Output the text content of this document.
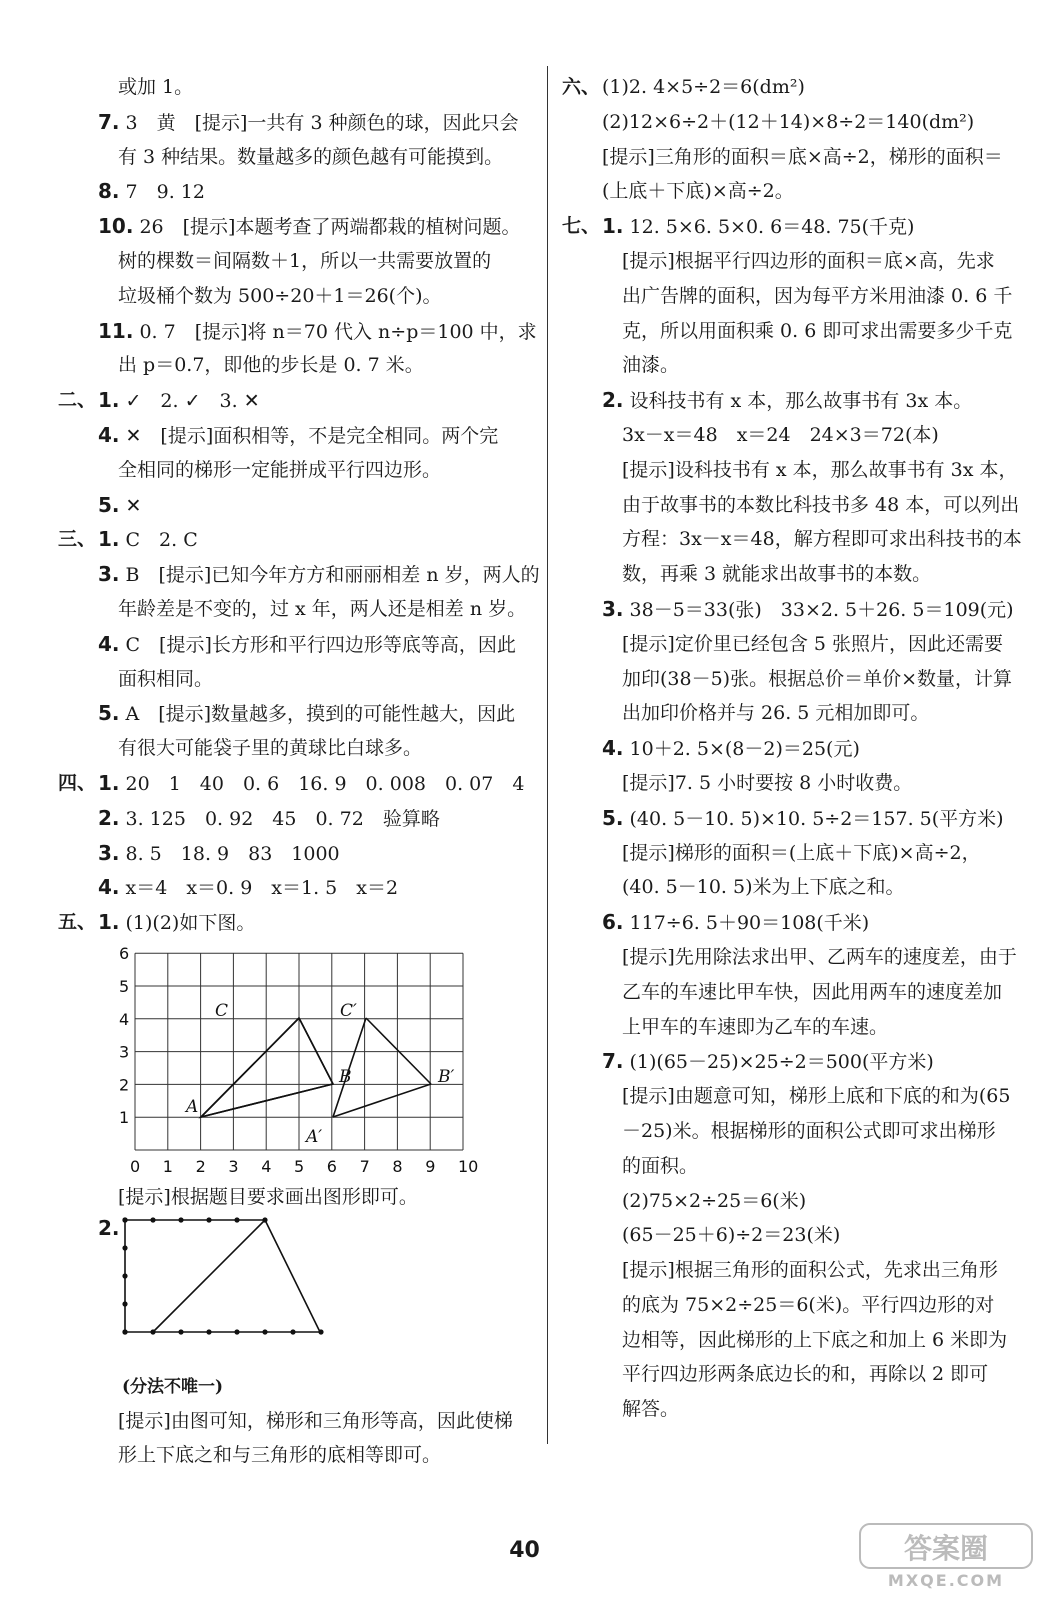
或加 1。
7. 3　黄　[提示]一共有 3 种颜色的球，因此只会
有 3 种结果。数量越多的颜色越有可能摸到。
8. 7　9. 12
10. 26　[提示]本题考查了两端都栽的植树问题。
树的棵数＝间隔数＋1，所以一共需要放置的
垃圾桶个数为 500÷20＋1＝26(个)。
11. 0. 7　[提示]将 n＝70 代入 n÷p＝100 中，求
出 p＝0.7，即他的步长是 0. 7 米。
二、 1. ✓　2. ✓　3. ✕
4. ✕　[提示]面积相等，不是完全相同。两个完
全相同的梯形一定能拼成平行四边形。
5. ✕
三、 1. C　2. C
3. B　[提示]已知今年方方和丽丽相差 n 岁，两人的
年龄差是不变的，过 x 年，两人还是相差 n 岁。
4. C　[提示]长方形和平行四边形等底等高，因此
面积相同。
5. A　[提示]数量越多，摸到的可能性越大，因此
有很大可能袋子里的黄球比白球多。
四、 1. 20　1　40　0. 6　16. 9　0. 008　0. 07　4
2. 3. 125　0. 92　45　0. 72　验算略
3. 8. 5　18. 9　83　1000
4. x＝4　x＝0. 9　x＝1. 5　x＝2
五、 1. (1)(2)如下图。
六、 (1)2. 4×5÷2＝6(dm²)
(2)12×6÷2＋(12＋14)×8÷2＝140(dm²)
[提示]三角形的面积＝底×高÷2，梯形的面积＝
(上底＋下底)×高÷2。
七、 1. 12. 5×6. 5×0. 6＝48. 75(千克)
[提示]根据平行四边形的面积＝底×高，先求
出广告牌的面积，因为每平方米用油漆 0. 6 千
克，所以用面积乘 0. 6 即可求出需要多少千克
油漆。
2. 设科技书有 x 本，那么故事书有 3x 本。
3x－x＝48　x＝24　24×3＝72(本)
[提示]设科技书有 x 本，那么故事书有 3x 本，
由于故事书的本数比科技书多 48 本，可以列出
方程：3x－x＝48，解方程即可求出科技书的本
数，再乘 3 就能求出故事书的本数。
3. 38－5＝33(张)　33×2. 5＋26. 5＝109(元)
[提示]定价里已经包含 5 张照片，因此还需要
加印(38－5)张。根据总价＝单价×数量，计算
出加印价格并与 26. 5 元相加即可。
4. 10＋2. 5×(8－2)＝25(元)
[提示]7. 5 小时要按 8 小时收费。
5. (40. 5－10. 5)×10. 5÷2＝157. 5(平方米)
[提示]梯形的面积＝(上底＋下底)×高÷2，
(40. 5－10. 5)米为上下底之和。
6. 117÷6. 5＋90＝108(千米)
[提示]先用除法求出甲、乙两车的速度差，由于
乙车的车速比甲车快，因此用两车的速度差加
上甲车的车速即为乙车的车速。
7. (1)(65－25)×25÷2＝500(平方米)
[提示]由题意可知，梯形上底和下底的和为(65
－25)米。根据梯形的面积公式即可求出梯形
的面积。
(2)75×2÷25＝6(米)
(65－25＋6)÷2＝23(米)
[提示]根据三角形的面积公式，先求出三角形
的底为 75×2÷25＝6(米)。平行四边形的对
边相等，因此梯形的上下底之和加上 6 米即为
平行四边形两条底边长的和，再除以 2 即可
解答。
0 1 2 3 4 5 6 7 8 9 10
1
2
3
4
5
6
A
B
C
A′
B′
C′
[提示]根据题目要求画出图形即可。
2.
(分法不唯一)
[提示]由图可知，梯形和三角形等高，因此使梯
形上下底之和与三角形的底相等即可。
40	答案圈
MXQE.COM
